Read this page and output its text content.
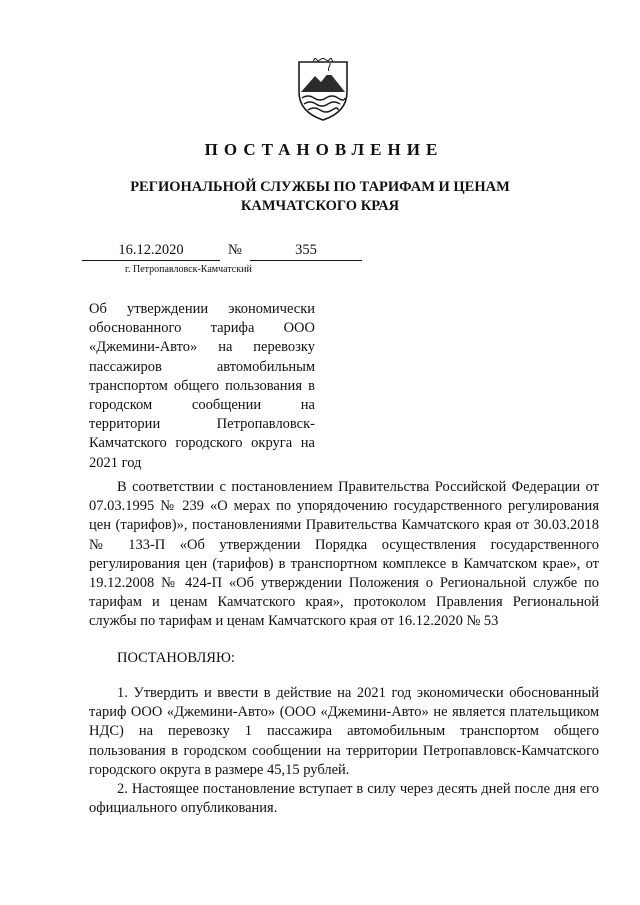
ПОСТАНОВЛЕНИЕ
РЕГИОНАЛЬНОЙ СЛУЖБЫ ПО ТАРИФАМ И ЦЕНАМ
КАМЧАТСКОГО КРАЯ
16.12.2020	№	355
г. Петропавловск-Камчатский
Об утверждении экономически обоснованного тарифа ООО «Джемини-Авто» на перевозку пассажиров автомобильным транспортом общего пользования в городском сообщении на территории Петропавловск-Камчатского городского округа на 2021 год
В соответствии с постановлением Правительства Российской Федерации от 07.03.1995 № 239 «О мерах по упорядочению государственного регулирования цен (тарифов)», постановлениями Правительства Камчатского края от 30.03.2018 № 133-П «Об утверждении Порядка осуществления государственного регулирования цен (тарифов) в транспортном комплексе в Камчатском крае», от 19.12.2008 № 424-П «Об утверждении Положения о Региональной службе по тарифам и ценам Камчатского края», протоколом Правления Региональной службы по тарифам и ценам Камчатского края от 16.12.2020 № 53
ПОСТАНОВЛЯЮ:

1. Утвердить и ввести в действие на 2021 год экономически обоснованный тариф ООО «Джемини-Авто» (ООО «Джемини-Авто» не является плательщиком НДС) на перевозку 1 пассажира автомобильным транспортом общего пользования в городском сообщении на территории Петропавловск-Камчатского городского округа в размере 45,15 рублей.

2. Настоящее постановление вступает в силу через десять дней после дня его официального опубликования.
